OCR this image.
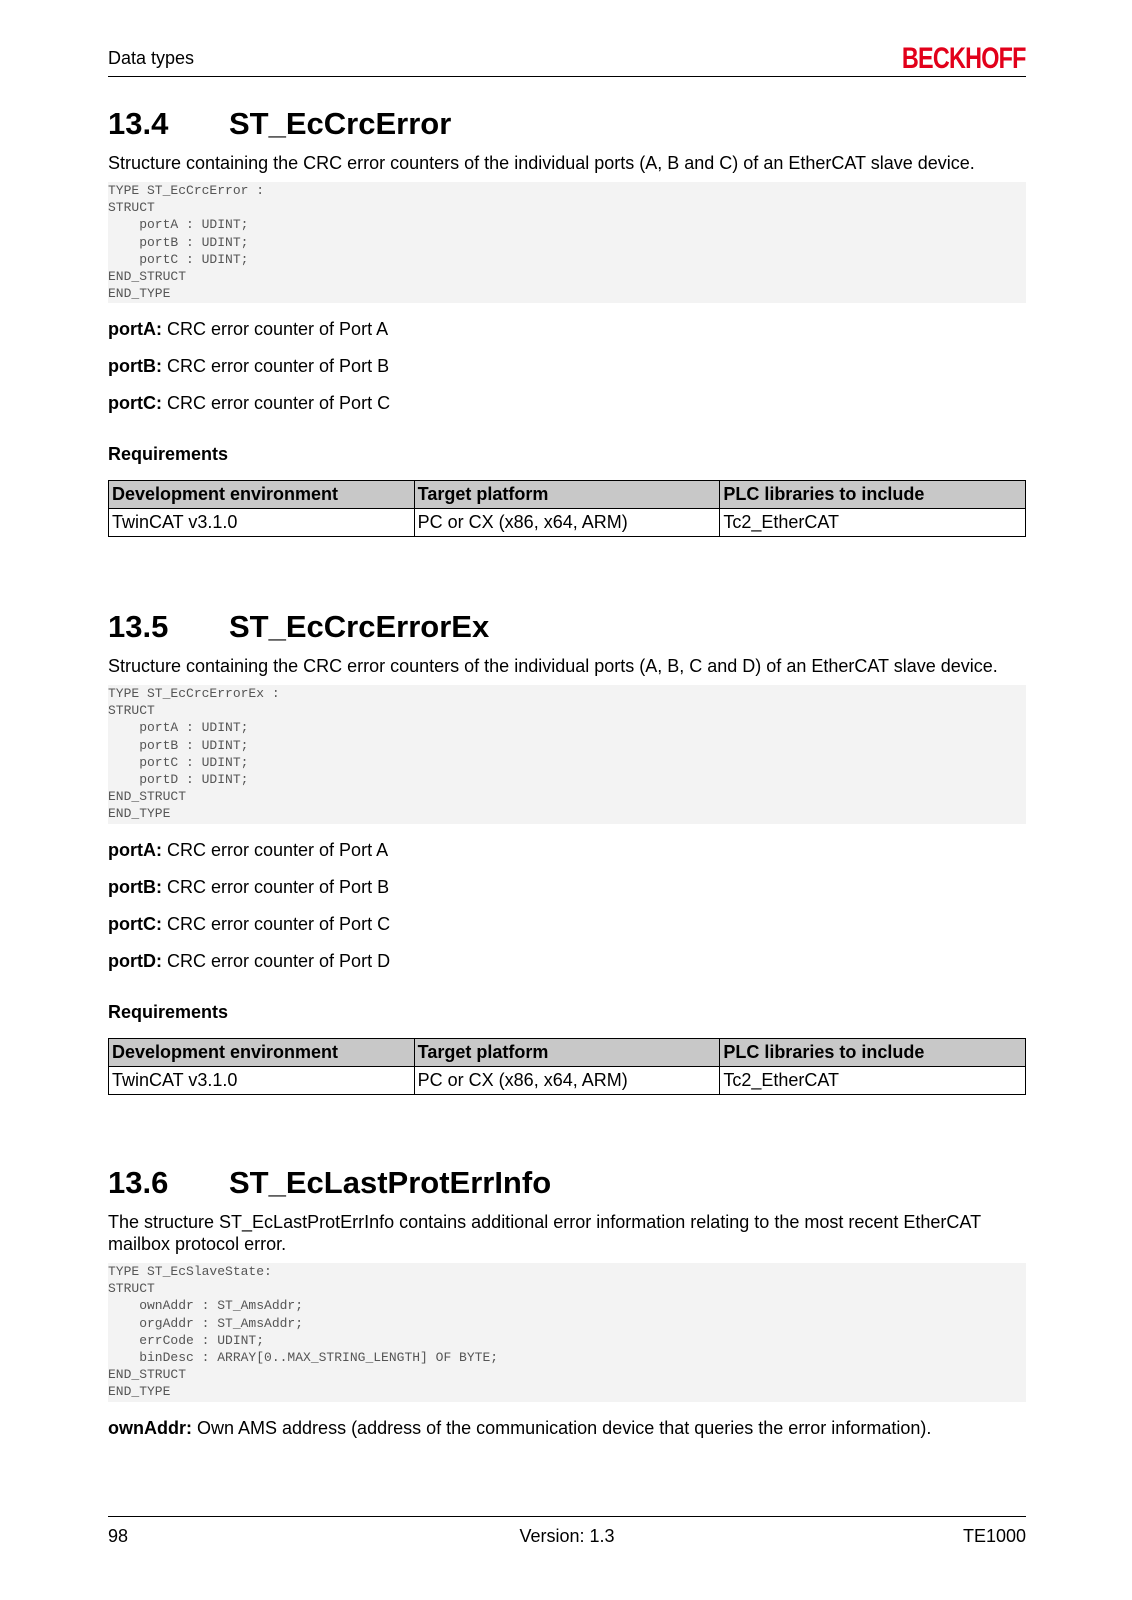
Data types	BECKHOFF
13.4 ST_EcCrcError
Structure containing the CRC error counters of the individual ports (A, B and C) of an EtherCAT slave device.
TYPE ST_EcCrcError :
STRUCT
portA : UDINT;
portB : UDINT;
portC : UDINT;
END_STRUCT
END_TYPE
portA: CRC error counter of Port A
portB: CRC error counter of Port B
portC: CRC error counter of Port C
Requirements
Development environment	Target platform	PLC libraries to include
TwinCAT v3.1.0	PC or CX (x86, x64, ARM)	Tc2_EtherCAT
13.5 ST_EcCrcErrorEx
Structure containing the CRC error counters of the individual ports (A, B, C and D) of an EtherCAT slave device.
TYPE ST_EcCrcErrorEx :
STRUCT
portA : UDINT;
portB : UDINT;
portC : UDINT;
portD : UDINT;
END_STRUCT
END_TYPE
portA: CRC error counter of Port A
portB: CRC error counter of Port B
portC: CRC error counter of Port C
portD: CRC error counter of Port D
Requirements
Development environment	Target platform	PLC libraries to include
TwinCAT v3.1.0	PC or CX (x86, x64, ARM)	Tc2_EtherCAT
13.6 ST_EcLastProtErrInfo
The structure ST_EcLastProtErrInfo contains additional error information relating to the most recent EtherCAT mailbox protocol error.
TYPE ST_EcSlaveState:
STRUCT
ownAddr : ST_AmsAddr;
orgAddr : ST_AmsAddr;
errCode : UDINT;
binDesc : ARRAY[0..MAX_STRING_LENGTH] OF BYTE;
END_STRUCT
END_TYPE
ownAddr: Own AMS address (address of the communication device that queries the error information).
98	Version: 1.3	TE1000
